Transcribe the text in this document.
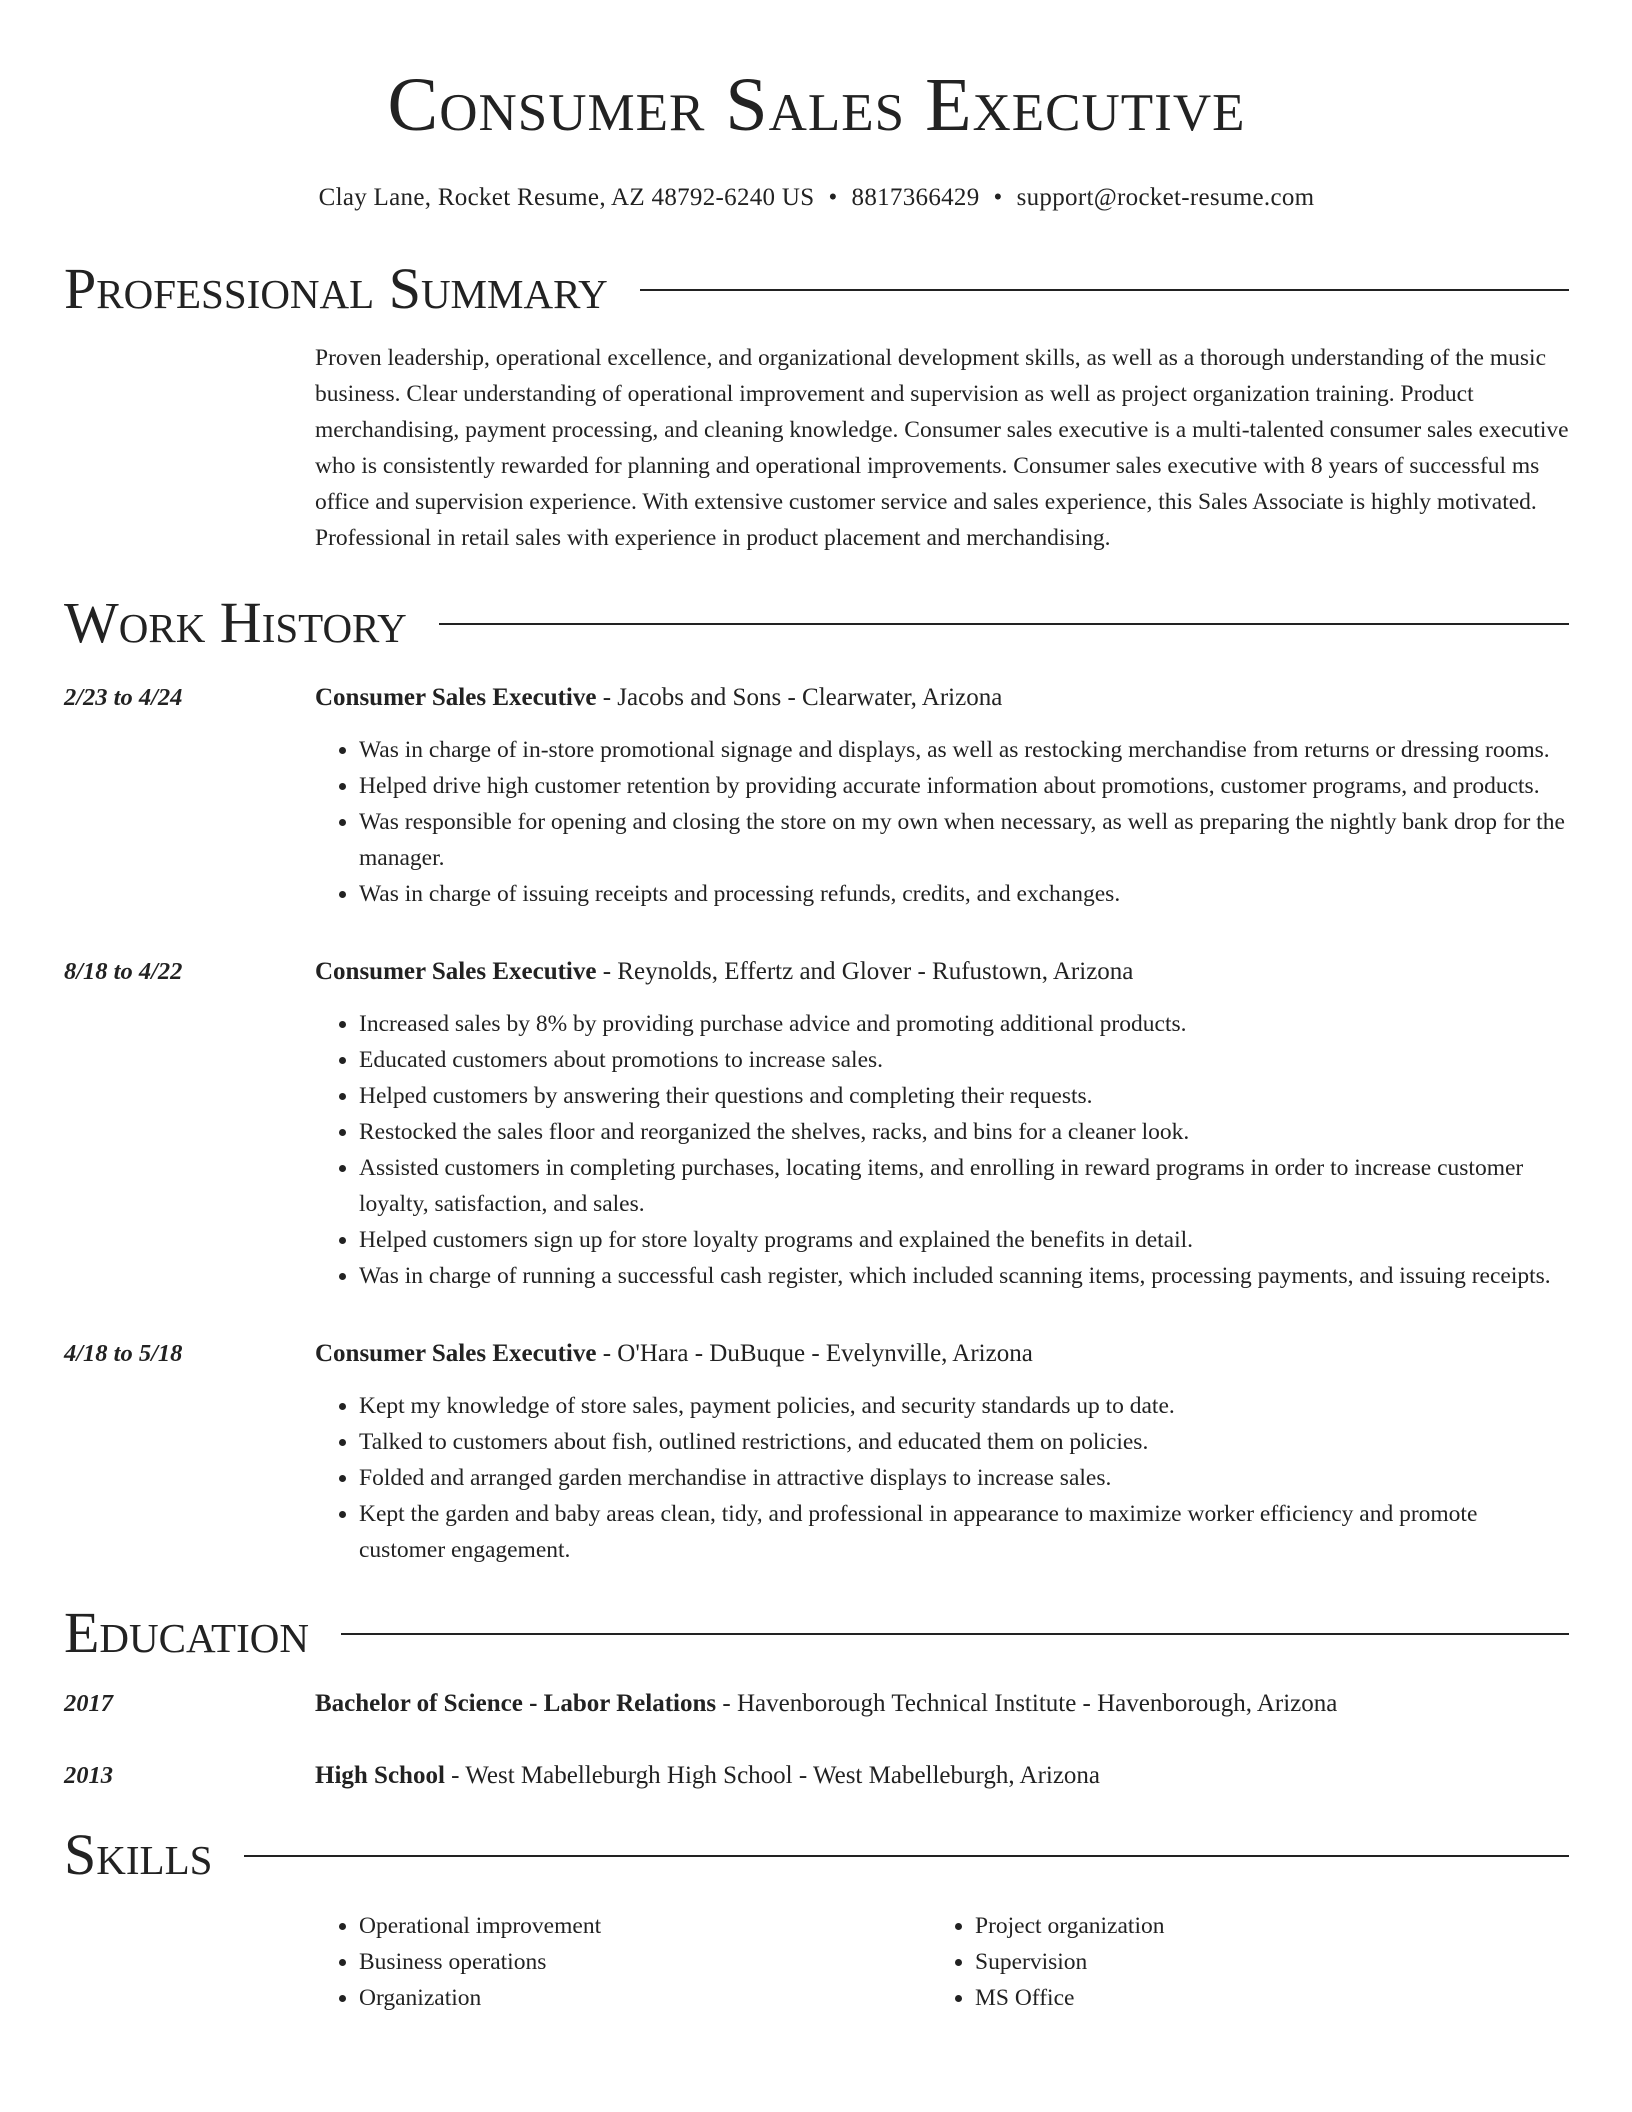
Consumer Sales Executive
Clay Lane, Rocket Resume, AZ 48792-6240 US • 8817366429 • support@rocket-resume.com
Professional Summary
Proven leadership, operational excellence, and organizational development skills, as well as a thorough understanding of the music business. Clear understanding of operational improvement and supervision as well as project organization training. Product merchandising, payment processing, and cleaning knowledge. Consumer sales executive is a multi-talented consumer sales executive who is consistently rewarded for planning and operational improvements. Consumer sales executive with 8 years of successful ms office and supervision experience. With extensive customer service and sales experience, this Sales Associate is highly motivated. Professional in retail sales with experience in product placement and merchandising.
Work History
2/23 to 4/24	Consumer Sales Executive - Jacobs and Sons - Clearwater, Arizona
• Was in charge of in-store promotional signage and displays, as well as restocking merchandise from returns or dressing rooms.
• Helped drive high customer retention by providing accurate information about promotions, customer programs, and products.
• Was responsible for opening and closing the store on my own when necessary, as well as preparing the nightly bank drop for the manager.
• Was in charge of issuing receipts and processing refunds, credits, and exchanges.
8/18 to 4/22	Consumer Sales Executive - Reynolds, Effertz and Glover - Rufustown, Arizona
• Increased sales by 8% by providing purchase advice and promoting additional products.
• Educated customers about promotions to increase sales.
• Helped customers by answering their questions and completing their requests.
• Restocked the sales floor and reorganized the shelves, racks, and bins for a cleaner look.
• Assisted customers in completing purchases, locating items, and enrolling in reward programs in order to increase customer loyalty, satisfaction, and sales.
• Helped customers sign up for store loyalty programs and explained the benefits in detail.
• Was in charge of running a successful cash register, which included scanning items, processing payments, and issuing receipts.
4/18 to 5/18	Consumer Sales Executive - O'Hara - DuBuque - Evelynville, Arizona
• Kept my knowledge of store sales, payment policies, and security standards up to date.
• Talked to customers about fish, outlined restrictions, and educated them on policies.
• Folded and arranged garden merchandise in attractive displays to increase sales.
• Kept the garden and baby areas clean, tidy, and professional in appearance to maximize worker efficiency and promote customer engagement.
Education
2017	Bachelor of Science - Labor Relations - Havenborough Technical Institute - Havenborough, Arizona
2013	High School - West Mabelleburgh High School - West Mabelleburgh, Arizona
Skills
• Operational improvement
• Business operations
• Organization
• Project organization
• Supervision
• MS Office
